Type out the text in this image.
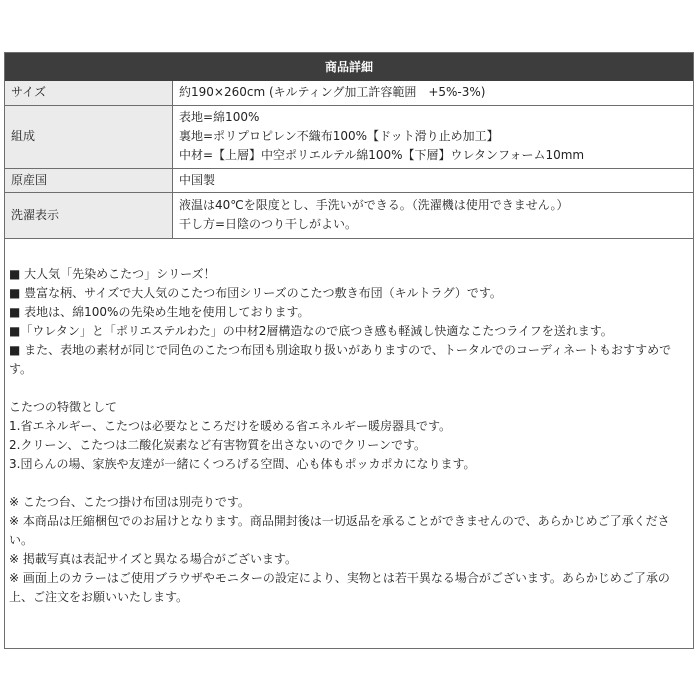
商品詳細
サイズ	約190×260cm (キルティング加工許容範囲　+5%-3%)

組成	表地=綿100%
裏地=ポリプロピレン不織布100%【ドット滑り止め加工】
中材=【上層】中空ポリエルテル綿100%【下層】ウレタンフォーム10mm

原産国	中国製

洗濯表示	液温は40℃を限度とし、手洗いができる。（洗濯機は使用できません。）
干し方=日陰のつり干しがよい。

■ 大人気「先染めこたつ」シリーズ！

■ 豊富な柄、サイズで大人気のこたつ布団シリーズのこたつ敷き布団（キルトラグ）です。

■ 表地は、綿100%の先染め生地を使用しております。

■「ウレタン」と「ポリエステルわた」の中材2層構造なので底つき感も軽減し快適なこたつライフを送れます。

■ また、表地の素材が同じで同色のこたつ布団も別途取り扱いがありますので、トータルでのコーディネートもおすすめです。

こたつの特徴として

1.省エネルギー、こたつは必要なところだけを暖める省エネルギー暖房器具です。

2.クリーン、こたつは二酸化炭素など有害物質を出さないのでクリーンです。

3.団らんの場、家族や友達が一緒にくつろげる空間、心も体もポッカポカになります。

※ こたつ台、こたつ掛け布団は別売りです。

※ 本商品は圧縮梱包でのお届けとなります。商品開封後は一切返品を承ることができませんので、あらかじめご了承ください。

※ 掲載写真は表記サイズと異なる場合がございます。

※ 画面上のカラーはご使用ブラウザやモニターの設定により、実物とは若干異なる場合がございます。あらかじめご了承の上、ご注文をお願いいたします。
